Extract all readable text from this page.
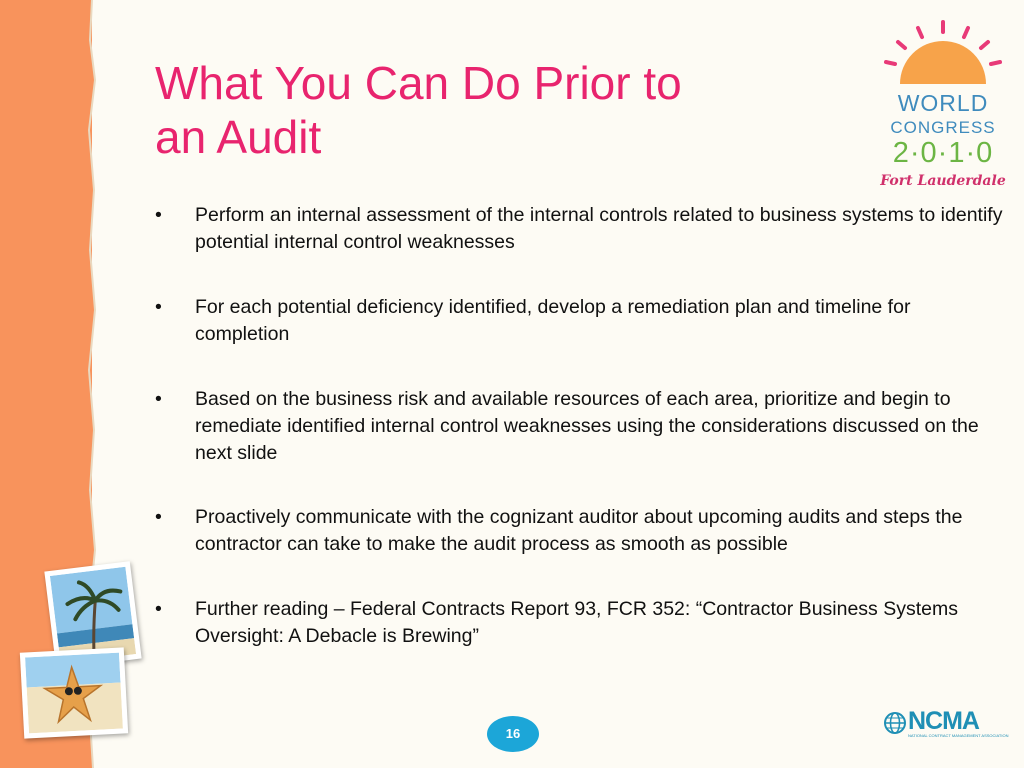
What You Can Do Prior to
an Audit
WORLD
CONGRESS
2·0·1·0
Fort Lauderdale
•	Perform an internal assessment of the internal controls related to business systems to identify potential internal control weaknesses
•	For each potential deficiency identified, develop a remediation plan and timeline for completion
•	Based on the business risk and available resources of each area, prioritize and begin to remediate identified internal control weaknesses using the considerations discussed on the next slide
•	Proactively communicate with the cognizant auditor about upcoming audits and steps the contractor can take to make the audit process as smooth as possible
•	Further reading – Federal Contracts Report 93, FCR 352: “Contractor Business Systems Oversight: A Debacle is Brewing”
16	NCMA
NATIONAL CONTRACT MANAGEMENT ASSOCIATION
